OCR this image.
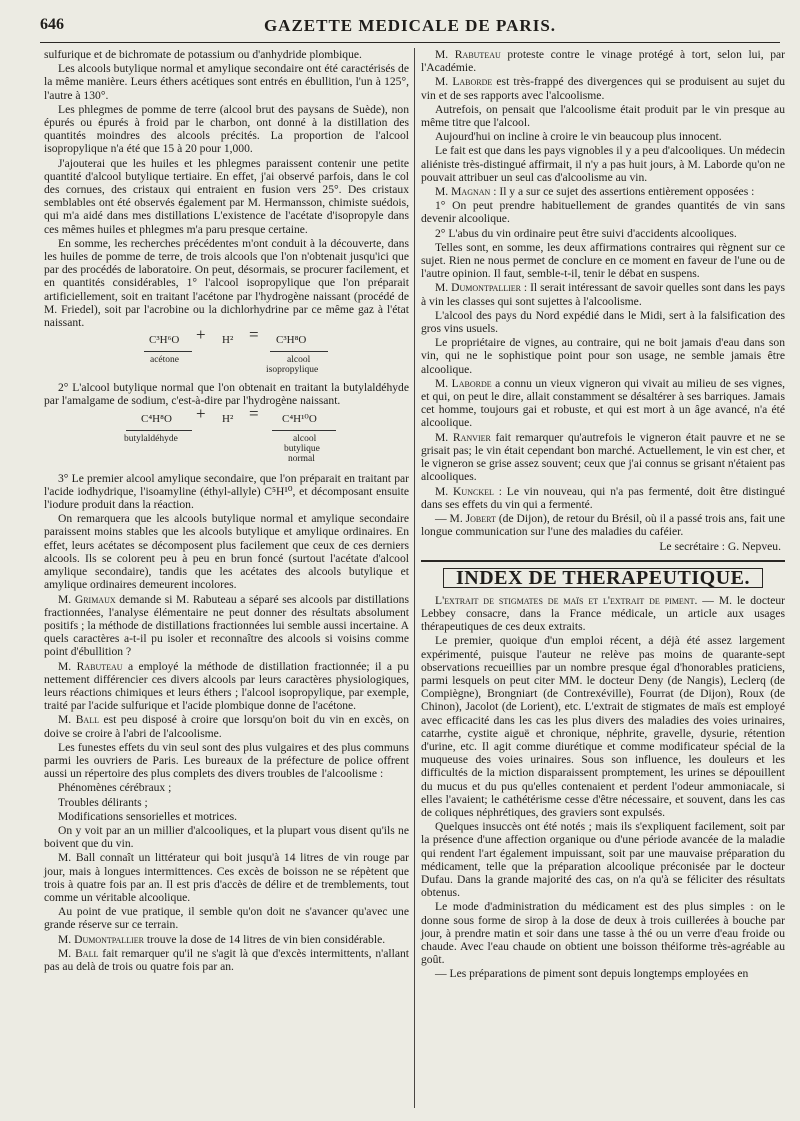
646	GAZETTE MEDICALE DE PARIS.

sulfurique et de bichromate de potassium ou d'anhydride plombique.

Les alcools butylique normal et amylique secondaire ont été caractérisés de la même manière. Leurs éthers acétiques sont entrés en ébullition, l'un à 125°, l'autre à 130°.

Les phlegmes de pomme de terre (alcool brut des paysans de Suède), non épurés ou épurés à froid par le charbon, ont donné à la distillation des quantités moindres des alcools précités. La proportion de l'alcool isopropylique n'a été que 15 à 20 pour 1,000.

J'ajouterai que les huiles et les phlegmes paraissent contenir une petite quantité d'alcool butylique tertiaire. En effet, j'ai observé parfois, dans le col des cornues, des cristaux qui entraient en fusion vers 25°. Des cristaux semblables ont été observés également par M. Hermansson, chimiste suédois, qui m'a aidé dans mes distillations L'existence de l'acétate d'isopropyle dans ces mêmes huiles et phlegmes m'a paru presque certaine.

En somme, les recherches précédentes m'ont conduit à la découverte, dans les huiles de pomme de terre, de trois alcools que l'on n'obtenait jusqu'ici que par des procédés de laboratoire. On peut, désormais, se procurer facilement, et en quantités considérables, 1° l'alcool isopropylique que l'on préparait artificiellement, soit en traitant l'acétone par l'hydrogène naissant (procédé de M. Friedel), soit par l'acrobine ou la dichlorhydrine par ce même gaz à l'état naissant.

C³H⁶O + H² = C³H⁸O
acétone	alcool
isopropylique

2° L'alcool butylique normal que l'on obtenait en traitant la butylaldéhyde par l'amalgame de sodium, c'est-à-dire par l'hydrogène naissant.

C⁴H⁸O + H² = C⁴H¹⁰O
butylaldéhyde	alcool
butylique
normal

3° Le premier alcool amylique secondaire, que l'on préparait en traitant par l'acide iodhydrique, l'isoamyline (éthyl-allyle) C⁵H¹⁰, et décomposant ensuite l'iodure produit dans la réaction.

On remarquera que les alcools butylique normal et amylique secondaire paraissent moins stables que les alcools butylique et amylique ordinaires. En effet, leurs acétates se décomposent plus facilement que ceux de ces derniers alcools. Ils se colorent peu à peu en brun foncé (surtout l'acétate d'alcool amylique secondaire), tandis que les acétates des alcools butylique et amylique ordinaires demeurent incolores.

M. Grimaux demande si M. Rabuteau a séparé ses alcools par distillations fractionnées, l'analyse élémentaire ne peut donner des résultats absolument positifs ; la méthode de distillations fractionnées lui semble aussi incertaine. A quels caractères a-t-il pu isoler et reconnaître des alcools si voisins comme point d'ébullition ?

M. Rabuteau a employé la méthode de distillation fractionnée; il a pu nettement différencier ces divers alcools par leurs caractères physiologiques, leurs réactions chimiques et leurs éthers ; l'alcool isopropylique, par exemple, traité par l'acide sulfurique et l'acide plombique donne de l'acétone.

M. Ball est peu disposé à croire que lorsqu'on boit du vin en excès, on doive se croire à l'abri de l'alcoolisme.

Les funestes effets du vin seul sont des plus vulgaires et des plus communs parmi les ouvriers de Paris. Les bureaux de la préfecture de police offrent aussi un répertoire des plus complets des divers troubles de l'alcoolisme :

Phénomènes cérébraux ;

Troubles délirants ;

Modifications sensorielles et motrices.

On y voit par an un millier d'alcooliques, et la plupart vous disent qu'ils ne boivent que du vin.

M. Ball connaît un littérateur qui boit jusqu'à 14 litres de vin rouge par jour, mais à longues intermittences. Ces excès de boisson ne se répètent que trois à quatre fois par an. Il est pris d'accès de délire et de tremblements, tout comme un véritable alcoolique.

Au point de vue pratique, il semble qu'on doit ne s'avancer qu'avec une grande réserve sur ce terrain.

M. Dumontpallier trouve la dose de 14 litres de vin bien considérable.

M. Ball fait remarquer qu'il ne s'agit là que d'excès intermittents, n'allant pas au delà de trois ou quatre fois par an.

M. Rabuteau proteste contre le vinage protégé à tort, selon lui, par l'Académie.

M. Laborde est très-frappé des divergences qui se produisent au sujet du vin et de ses rapports avec l'alcoolisme.

Autrefois, on pensait que l'alcoolisme était produit par le vin presque au même titre que l'alcool.

Aujourd'hui on incline à croire le vin beaucoup plus innocent.

Le fait est que dans les pays vignobles il y a peu d'alcooliques. Un médecin aliéniste très-distingué affirmait, il n'y a pas huit jours, à M. Laborde qu'on ne pouvait attribuer un seul cas d'alcoolisme au vin.

M. Magnan : Il y a sur ce sujet des assertions entièrement opposées :

1° On peut prendre habituellement de grandes quantités de vin sans devenir alcoolique.

2° L'abus du vin ordinaire peut être suivi d'accidents alcooliques.

Telles sont, en somme, les deux affirmations contraires qui règnent sur ce sujet. Rien ne nous permet de conclure en ce moment en faveur de l'une ou de l'autre opinion. Il faut, semble-t-il, tenir le débat en suspens.

M. Dumontpallier : Il serait intéressant de savoir quelles sont dans les pays à vin les classes qui sont sujettes à l'alcoolisme.

L'alcool des pays du Nord expédié dans le Midi, sert à la falsification des gros vins usuels.

Le propriétaire de vignes, au contraire, qui ne boit jamais d'eau dans son vin, qui ne le sophistique point pour son usage, ne semble jamais être alcoolique.

M. Laborde a connu un vieux vigneron qui vivait au milieu de ses vignes, et qui, on peut le dire, allait constamment se désaltérer à ses barriques. Jamais cet homme, toujours gai et robuste, et qui est mort à un âge avancé, n'a été alcoolique.

M. Ranvier fait remarquer qu'autrefois le vigneron était pauvre et ne se grisait pas; le vin était cependant bon marché. Actuellement, le vin est cher, et le vigneron se grise assez souvent; ceux que j'ai connus se grisant n'étaient pas alcooliques.

M. Kunckel : Le vin nouveau, qui n'a pas fermenté, doit être distingué dans ses effets du vin qui a fermenté.

— M. Jobert (de Dijon), de retour du Brésil, où il a passé trois ans, fait une longue communication sur l'une des maladies du caféier.

Le secrétaire : G. Nepveu.

INDEX DE THERAPEUTIQUE.

L'extrait de stigmates de maïs et l'extrait de piment. — M. le docteur Lebbey consacre, dans la France médicale, un article aux usages thérapeutiques de ces deux extraits.

Le premier, quoique d'un emploi récent, a déjà été assez largement expérimenté, puisque l'auteur ne relève pas moins de quarante-sept observations recueillies par un nombre presque égal d'honorables praticiens, parmi lesquels on peut citer MM. le docteur Deny (de Nangis), Leclerq (de Compiègne), Brongniart (de Contrexéville), Fourrat (de Dijon), Roux (de Chinon), Jacolot (de Lorient), etc. L'extrait de stigmates de maïs est employé avec efficacité dans les cas les plus divers des maladies des voies urinaires, catarrhe, cystite aiguë et chronique, néphrite, gravelle, dysurie, rétention d'urine, etc. Il agit comme diurétique et comme modificateur spécial de la muqueuse des voies urinaires. Sous son influence, les douleurs et les difficultés de la miction disparaissent promptement, les urines se dépouillent du mucus et du pus qu'elles contenaient et perdent l'odeur ammoniacale, si elles l'avaient; le cathétérisme cesse d'être nécessaire, et souvent, dans les cas de coliques néphrétiques, des graviers sont expulsés.

Quelques insuccès ont été notés ; mais ils s'expliquent facilement, soit par la présence d'une affection organique ou d'une période avancée de la maladie qui rendent l'art également impuissant, soit par une mauvaise préparation du médicament, telle que la préparation alcoolique préconisée par le docteur Dufau. Dans la grande majorité des cas, on n'a qu'à se féliciter des résultats obtenus.

Le mode d'administration du médicament est des plus simples : on le donne sous forme de sirop à la dose de deux à trois cuillerées à bouche par jour, à prendre matin et soir dans une tasse à thé ou un verre d'eau froide ou chaude. Avec l'eau chaude on obtient une boisson théiforme très-agréable au goût.

— Les préparations de piment sont depuis longtemps employées en
